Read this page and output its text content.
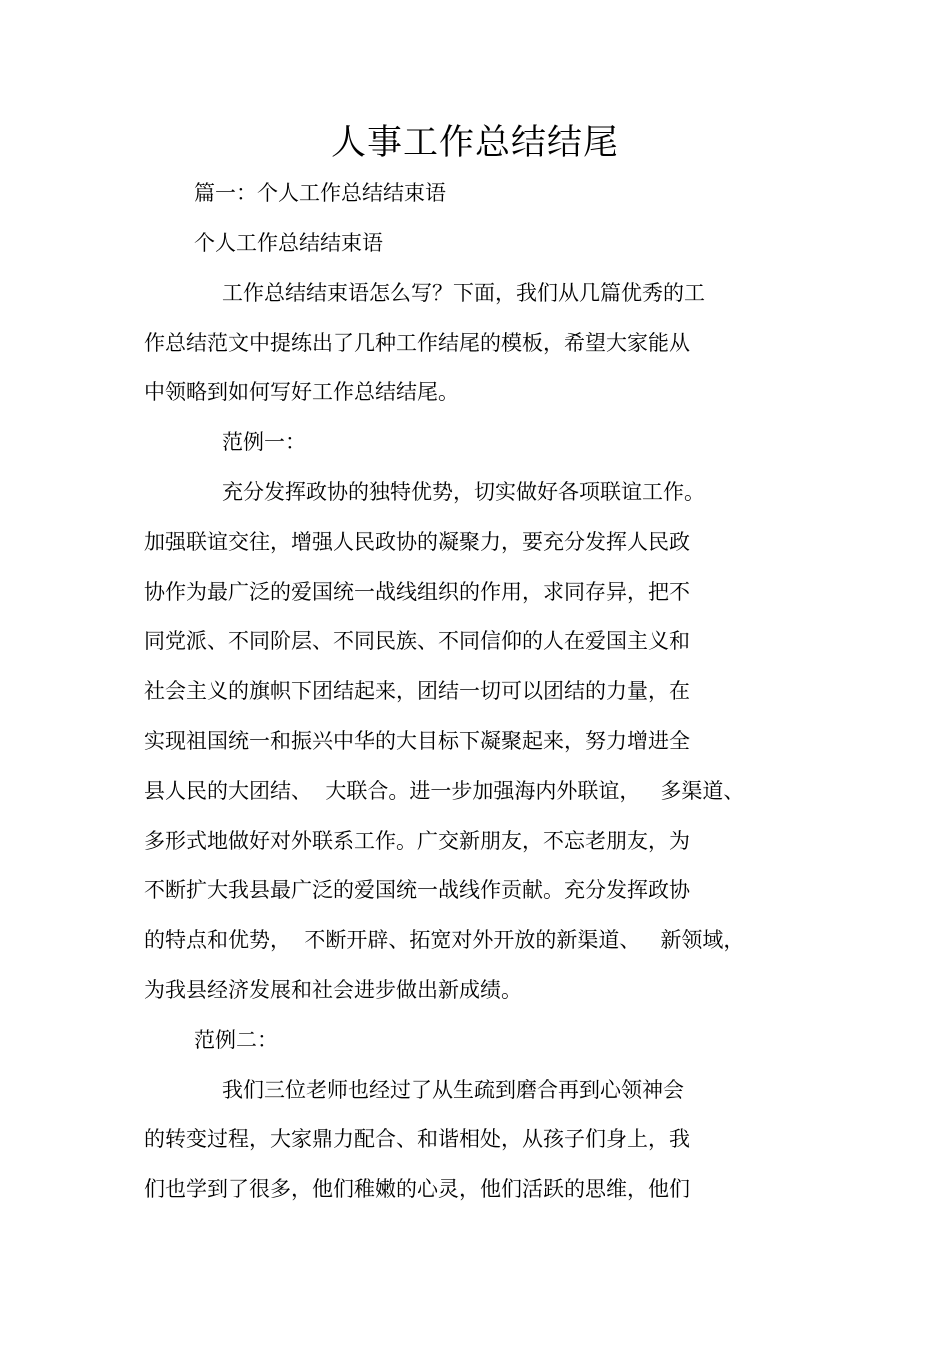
人事工作总结结尾
篇一：个人工作总结结束语
个人工作总结结束语
工作总结结束语怎么写？下面，我们从几篇优秀的工
作总结范文中提练出了几种工作结尾的模板，希望大家能从
中领略到如何写好工作总结结尾。
范例一：
充分发挥政协的独特优势，切实做好各项联谊工作。
加强联谊交往，增强人民政协的凝聚力，要充分发挥人民政
协作为最广泛的爱国统一战线组织的作用，求同存异，把不
同党派、不同阶层、不同民族、不同信仰的人在爱国主义和
社会主义的旗帜下团结起来，团结一切可以团结的力量，在
实现祖国统一和振兴中华的大目标下凝聚起来，努力增进全
县人民的大团结、  大联合。进一步加强海内外联谊，   多渠道、
多形式地做好对外联系工作。广交新朋友，不忘老朋友，为
不断扩大我县最广泛的爱国统一战线作贡献。充分发挥政协
的特点和优势，  不断开辟、拓宽对外开放的新渠道、   新领域，
为我县经济发展和社会进步做出新成绩。
范例二：
我们三位老师也经过了从生疏到磨合再到心领神会
的转变过程，大家鼎力配合、和谐相处，从孩子们身上，我
们也学到了很多，他们稚嫩的心灵，他们活跃的思维，他们
